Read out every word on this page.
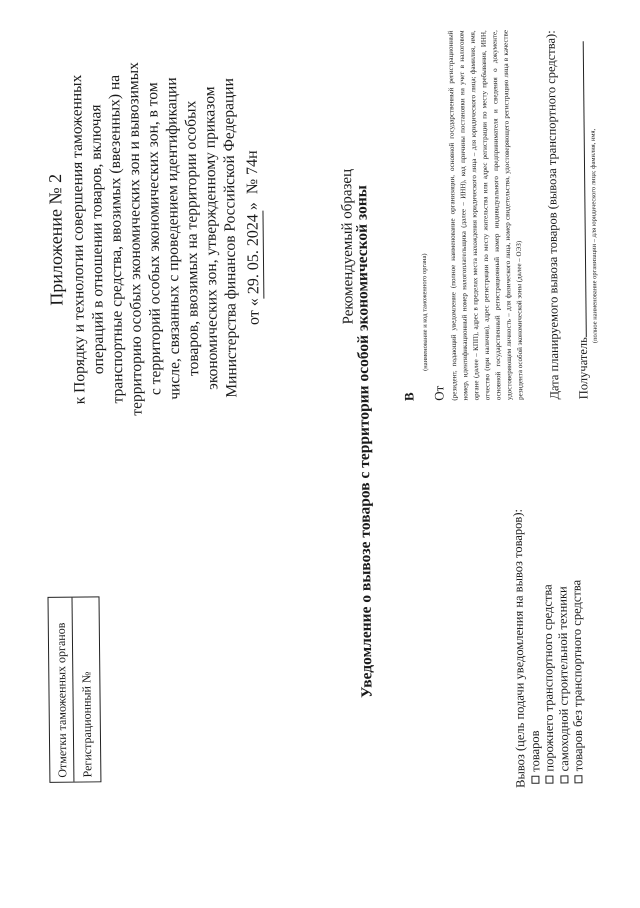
Приложение № 2 к Порядку и технологии совершения таможенных
операций в отношении товаров, включая
транспортные средства, ввозимых (ввезенных) на
территорию особых экономических зон и вывозимых
с территорий особых экономических зон, в том
числе, связанных с проведением идентификации
товаров, ввозимых на территории особых
экономических зон, утвержденному приказом
Министерства финансов Российской Федерации от «29. 05. 2024»  № 74н
Рекомендуемый образец
Отметки таможенных органов Регистрационный №
Уведомление о вывозе товаров с территории особой экономической зоны В
(наименование и код таможенного органа)
От (резидент, подающий уведомление (полное наименование организации, основной государственный регистрационный номер, идентификационный номер налогоплательщика (далее – ИНН), код причины постановки на учет в налоговом органе (далее – КПП), адрес в пределах места нахождения юридического лица – для юридического лица; фамилия, имя, отчество (при наличии), адрес регистрации по месту жительства или адрес регистрации по месту пребывания, ИНН, основной государственный регистрационный номер индивидуального предпринимателя и сведения о документе, удостоверяющем личность – для физического лица, номер свидетельства, удостоверяющего регистрацию лица в качестве резидента особой экономической зоны (далее – ОЭЗ) Дата планируемого вывоза товаров (вывоза транспортного средства):	Получатель
(полное наименование организации – для юридического лица; фамилия, имя,
Вывоз (цель подачи уведомления на вывоз товаров): товаров
порожнего транспортного средства
самоходной строительной техники
товаров без транспортного средства
